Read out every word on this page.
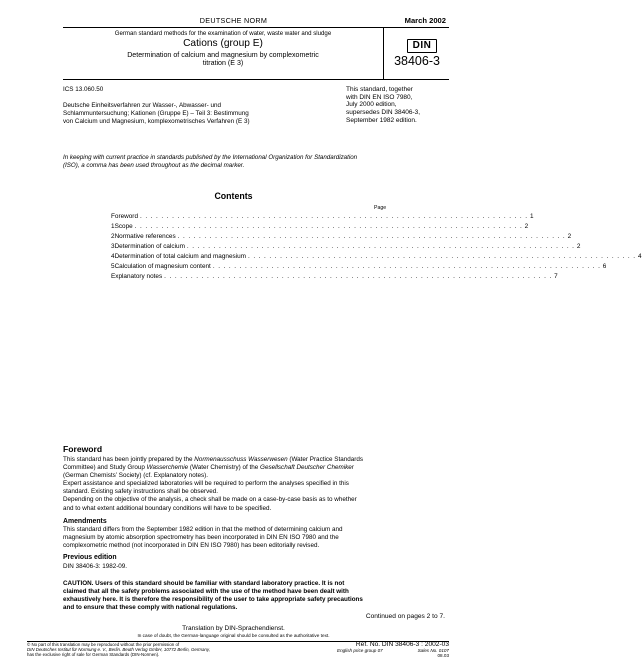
DEUTSCHE NORM	March 2002
German standard methods for the examination of water, waste water and sludge
Cations (group E)
Determination of calcium and magnesium by complexometric
titration (E 3)
DIN
38406-3
ICS 13.060.50
Deutsche Einheitsverfahren zur Wasser-, Abwasser- und
Schlammuntersuchung; Kationen (Gruppe E) – Teil 3: Bestimmung
von Calcium und Magnesium, komplexometrisches Verfahren (E 3)
This standard, together
with DIN EN ISO 7980,
July 2000 edition,
supersedes DIN 38406-3,
September 1982 edition.
In keeping with current practice in standards published by the International Organization for Standardization
(ISO), a comma has been used throughout as the decimal marker.
Contents
Page
Foreword . . . . . . . . . . . . . . . . . . . . . . . . . . . . . . . . . . . . . . . . . . . . . . . . . . . . . . . . . . . . . . . . . . . . . . . . . 1
1 Scope . . . . . . . . . . . . . . . . . . . . . . . . . . . . . . . . . . . . . . . . . . . . . . . . . . . . . . . . . . . . . . . . . . . . . . . . . 2
2 Normative references . . . . . . . . . . . . . . . . . . . . . . . . . . . . . . . . . . . . . . . . . . . . . . . . . . . . . . . . . . . . . . . . . . . . . . . . . 2
3 Determination of calcium . . . . . . . . . . . . . . . . . . . . . . . . . . . . . . . . . . . . . . . . . . . . . . . . . . . . . . . . . . . . . . . . . . . . . . . . . 2
4 Determination of total calcium and magnesium . . . . . . . . . . . . . . . . . . . . . . . . . . . . . . . . . . . . . . . . . . . . . . . . . . . . . . . . . . . . . . . . . . . . . . . . . 4
5 Calculation of magnesium content . . . . . . . . . . . . . . . . . . . . . . . . . . . . . . . . . . . . . . . . . . . . . . . . . . . . . . . . . . . . . . . . . . . . . . . . . 6
Explanatory notes . . . . . . . . . . . . . . . . . . . . . . . . . . . . . . . . . . . . . . . . . . . . . . . . . . . . . . . . . . . . . . . . . . . . . . . . . 7
Foreword
This standard has been jointly prepared by the Normenausschuss Wasserwesen (Water Practice Standards
Committee) and Study Group Wasserchemie (Water Chemistry) of the Gesellschaft Deutscher Chemiker
(German Chemists’ Society) (cf. Explanatory notes).
Expert assistance and specialized laboratories will be required to perform the analyses specified in this
standard. Existing safety instructions shall be observed.
Depending on the objective of the analysis, a check shall be made on a case-by-case basis as to whether
and to what extent additional boundary conditions will have to be specified.
Amendments
This standard differs from the September 1982 edition in that the method of determining calcium and
magnesium by atomic absorption spectrometry has been incorporated in DIN EN ISO 7980 and the
complexometric method (not incorporated in DIN EN ISO 7980) has been editorially revised.
Previous edition
DIN 38406-3: 1982-09.
CAUTION. Users of this standard should be familiar with standard laboratory practice. It is not
claimed that all the safety problems associated with the use of the method have been dealt with
exhaustively here. It is therefore the responsibility of the user to take appropriate safety precautions
and to ensure that these comply with national regulations.
Continued on pages 2 to 7.
Translation by DIN-Sprachendienst.
In case of doubt, the German-language original should be consulted as the authoritative text.
© No part of this translation may be reproduced without the prior permission of
DIN Deutsches Institut für Normung e. V., Berlin. Beuth Verlag GmbH, 10772 Berlin, Germany,
has the exclusive right of sale for German Standards (DIN-Normen).
Ref. No. DIN 38406-3 : 2002-03
English price group 07	Sales No. 0107
08.03
